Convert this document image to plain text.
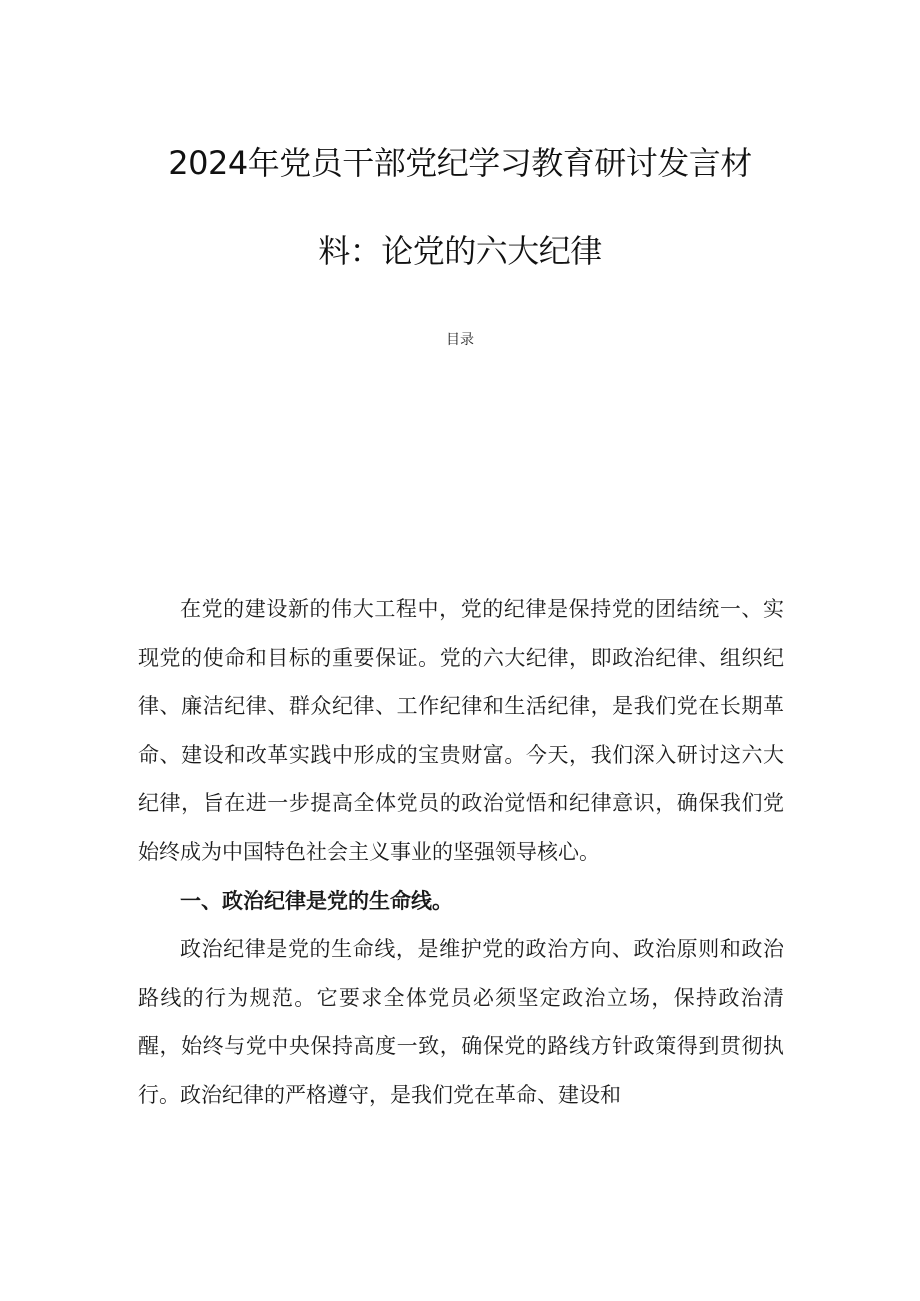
2024年党员干部党纪学习教育研讨发言材
料：论党的六大纪律
目录

在党的建设新的伟大工程中，党的纪律是保持党的团结统一、实现党的使命和目标的重要保证。党的六大纪律，即政治纪律、组织纪律、廉洁纪律、群众纪律、工作纪律和生活纪律，是我们党在长期革命、建设和改革实践中形成的宝贵财富。今天，我们深入研讨这六大纪律，旨在进一步提高全体党员的政治觉悟和纪律意识，确保我们党始终成为中国特色社会主义事业的坚强领导核心。

一、政治纪律是党的生命线。

政治纪律是党的生命线，是维护党的政治方向、政治原则和政治路线的行为规范。它要求全体党员必须坚定政治立场，保持政治清醒，始终与党中央保持高度一致，确保党的路线方针政策得到贯彻执行。政治纪律的严格遵守，是我们党在革命、建设和
